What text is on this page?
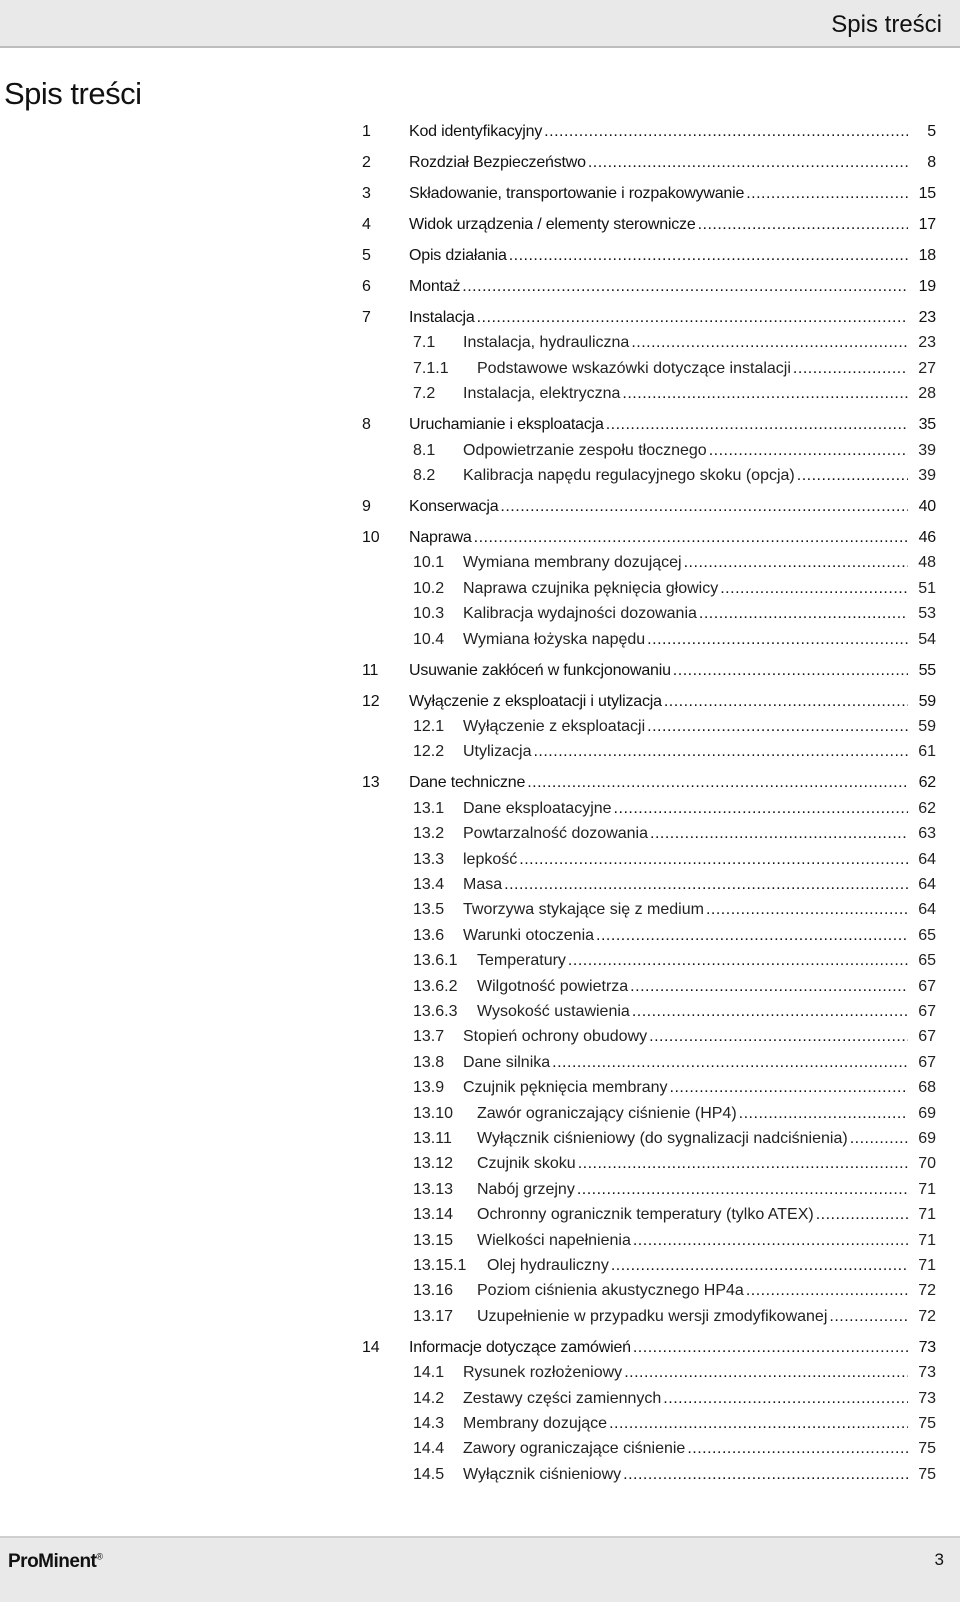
Spis treści
Spis treści
1	Kod identyfikacyjny .....	5
2	Rozdział Bezpieczeństwo .....	8
3	Składowanie, transportowanie i rozpakowywanie .....	15
4	Widok urządzenia / elementy sterownicze .....	17
5	Opis działania .....	18
6	Montaż .....	19
7	Instalacja .....	23
7.1	Instalacja, hydrauliczna .....	23
7.1.1	Podstawowe wskazówki dotyczące instalacji .....	27
7.2	Instalacja, elektryczna .....	28
8	Uruchamianie i eksploatacja .....	35
8.1	Odpowietrzanie zespołu tłocznego .....	39
8.2	Kalibracja napędu regulacyjnego skoku (opcja) .....	39
9	Konserwacja .....	40
10	Naprawa .....	46
10.1	Wymiana membrany dozującej .....	48
10.2	Naprawa czujnika pęknięcia głowicy .....	51
10.3	Kalibracja wydajności dozowania .....	53
10.4	Wymiana łożyska napędu .....	54
11	Usuwanie zakłóceń w funkcjonowaniu .....	55
12	Wyłączenie z eksploatacji i utylizacja .....	59
12.1	Wyłączenie z eksploatacji .....	59
12.2	Utylizacja .....	61
13	Dane techniczne .....	62
13.1	Dane eksploatacyjne .....	62
13.2	Powtarzalność dozowania .....	63
13.3	lepkość .....	64
13.4	Masa .....	64
13.5	Tworzywa stykające się z medium .....	64
13.6	Warunki otoczenia .....	65
13.6.1	Temperatury .....	65
13.6.2	Wilgotność powietrza .....	67
13.6.3	Wysokość ustawienia .....	67
13.7	Stopień ochrony obudowy .....	67
13.8	Dane silnika .....	67
13.9	Czujnik pęknięcia membrany .....	68
13.10	Zawór ograniczający ciśnienie (HP4) .....	69
13.11	Wyłącznik ciśnieniowy (do sygnalizacji nadciśnienia) .....	69
13.12	Czujnik skoku .....	70
13.13	Nabój grzejny .....	71
13.14	Ochronny ogranicznik temperatury (tylko ATEX) .....	71
13.15	Wielkości napełnienia .....	71
13.15.1	Olej hydrauliczny .....	71
13.16	Poziom ciśnienia akustycznego HP4a .....	72
13.17	Uzupełnienie w przypadku wersji zmodyfikowanej .....	72
14	Informacje dotyczące zamówień .....	73
14.1	Rysunek rozłożeniowy .....	73
14.2	Zestawy części zamiennych .....	73
14.3	Membrany dozujące .....	75
14.4	Zawory ograniczające ciśnienie .....	75
14.5	Wyłącznik ciśnieniowy .....	75
ProMinent®	3
